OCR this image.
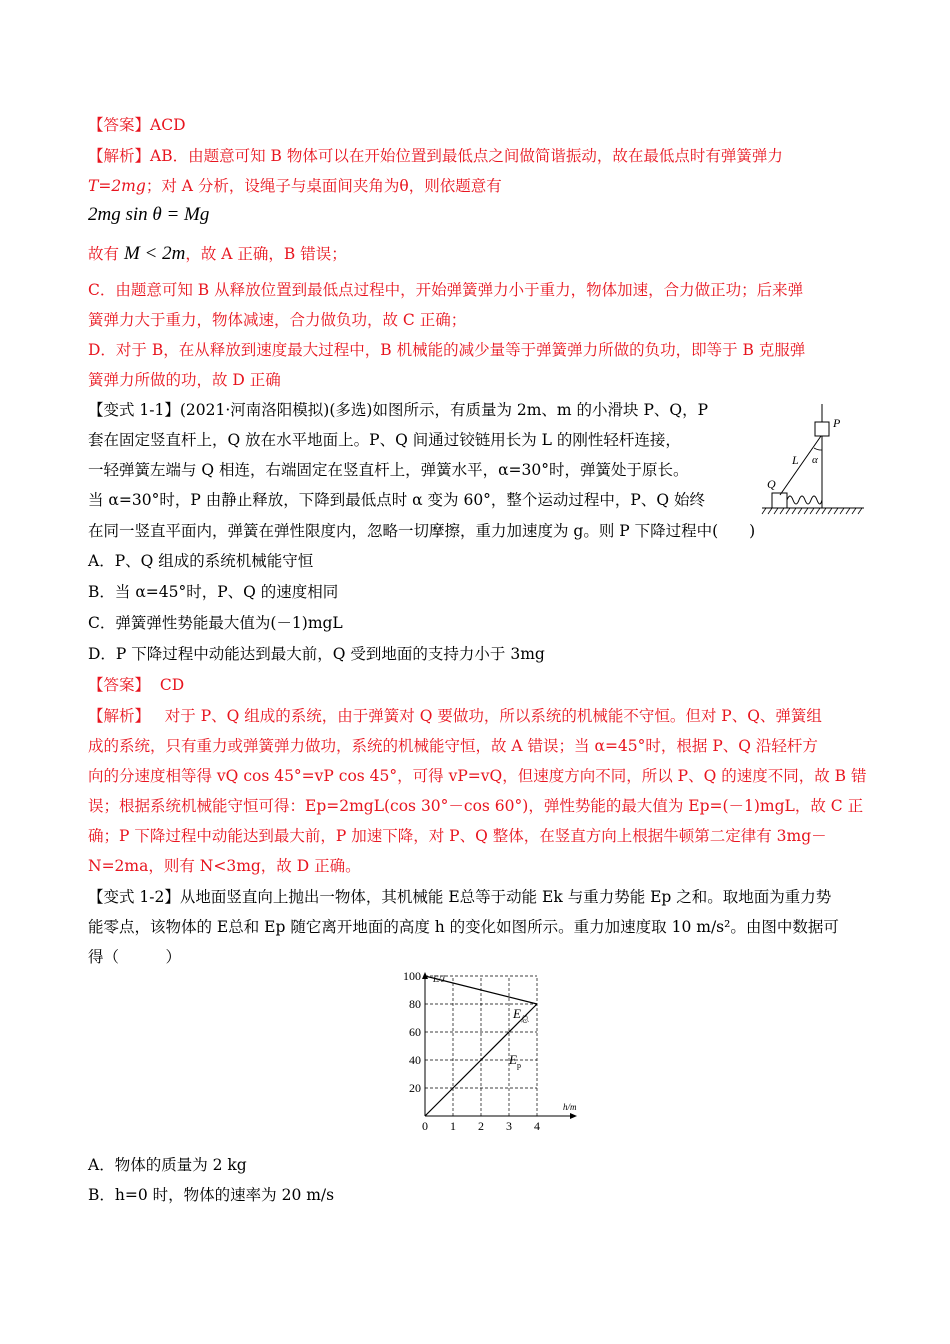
【答案】ACD
【解析】AB．由题意可知 B 物体可以在开始位置到最低点之间做简谐振动，故在最低点时有弹簧弹力
T=2mg；对 A 分析，设绳子与桌面间夹角为θ，则依题意有
2mg sin θ = Mg
故有 M < 2m，故 A 正确，B 错误；
C．由题意可知 B 从释放位置到最低点过程中，开始弹簧弹力小于重力，物体加速，合力做正功；后来弹
簧弹力大于重力，物体减速，合力做负功，故 C 正确；
D．对于 B，在从释放到速度最大过程中，B 机械能的减少量等于弹簧弹力所做的负功，即等于 B 克服弹
簧弹力所做的功，故 D 正确
【变式 1-1】(2021·河南洛阳模拟)(多选)如图所示，有质量为 2m、m 的小滑块 P、Q，P
套在固定竖直杆上，Q 放在水平地面上。P、Q 间通过铰链用长为 L 的刚性轻杆连接，
一轻弹簧左端与 Q 相连，右端固定在竖直杆上，弹簧水平，α=30°时，弹簧处于原长。
当 α=30°时，P 由静止释放，下降到最低点时 α 变为 60°，整个运动过程中，P、Q 始终
在同一竖直平面内，弹簧在弹性限度内，忽略一切摩擦，重力加速度为 g。则 P 下降过程中(　　)
A．P、Q 组成的系统机械能守恒
B．当 α=45°时，P、Q 的速度相同
C．弹簧弹性势能最大值为(－1)mgL
D．P 下降过程中动能达到最大前，Q 受到地面的支持力小于 3mg
P
Q
L α
【答案】 CD
【解析】 对于 P、Q 组成的系统，由于弹簧对 Q 要做功，所以系统的机械能不守恒。但对 P、Q、弹簧组
成的系统，只有重力或弹簧弹力做功，系统的机械能守恒，故 A 错误；当 α=45°时，根据 P、Q 沿轻杆方
向的分速度相等得 vQ cos 45°=vP cos 45°，可得 vP=vQ，但速度方向不同，所以 P、Q 的速度不同，故 B 错
误；根据系统机械能守恒可得：Ep=2mgL(cos 30°－cos 60°)，弹性势能的最大值为 Ep=(－1)mgL，故 C 正
确；P 下降过程中动能达到最大前，P 加速下降，对 P、Q 整体，在竖直方向上根据牛顿第二定律有 3mg－
N=2ma，则有 N<3mg，故 D 正确。
【变式 1-2】从地面竖直向上抛出一物体，其机械能 E总等于动能 Ek 与重力势能 Ep 之和。取地面为重力势
能零点，该物体的 E总和 Ep 随它离开地面的高度 h 的变化如图所示。重力加速度取 10 m/s²。由图中数据可
得（　　　）
$E_总$
$E_p$
0 1 2 3 4
20
40
60
80
100 E/J
h/m
A．物体的质量为 2 kg
B．h=0 时，物体的速率为 20 m/s
